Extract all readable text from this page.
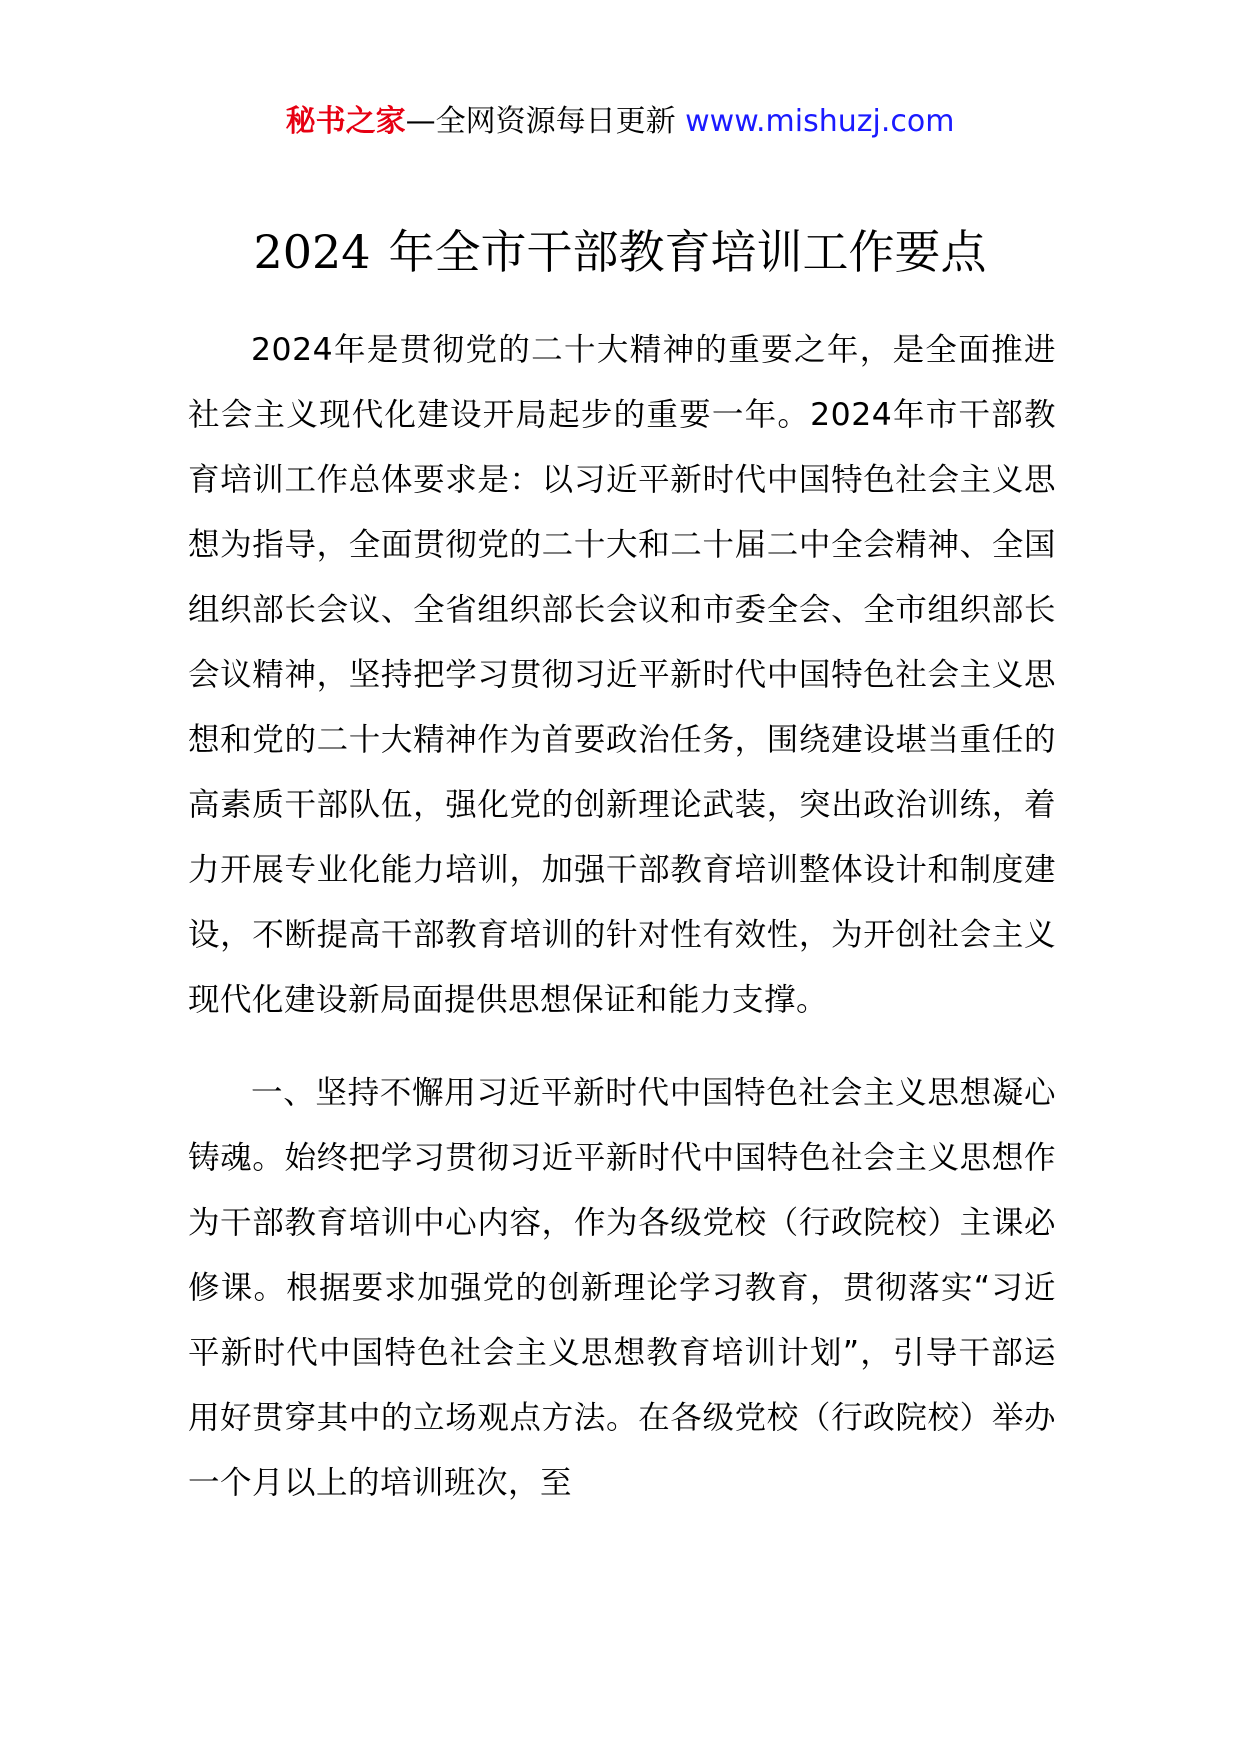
秘书之家—全网资源每日更新 www.mishuzj.com
2024 年全市干部教育培训工作要点

2024年是贯彻党的二十大精神的重要之年，是全面推进社会主义现代化建设开局起步的重要一年。2024年市干部教育培训工作总体要求是：以习近平新时代中国特色社会主义思想为指导，全面贯彻党的二十大和二十届二中全会精神、全国组织部长会议、全省组织部长会议和市委全会、全市组织部长会议精神，坚持把学习贯彻习近平新时代中国特色社会主义思想和党的二十大精神作为首要政治任务，围绕建设堪当重任的高素质干部队伍，强化党的创新理论武装，突出政治训练，着力开展专业化能力培训，加强干部教育培训整体设计和制度建设，不断提高干部教育培训的针对性有效性，为开创社会主义现代化建设新局面提供思想保证和能力支撑。

一、坚持不懈用习近平新时代中国特色社会主义思想凝心铸魂。始终把学习贯彻习近平新时代中国特色社会主义思想作为干部教育培训中心内容，作为各级党校（行政院校）主课必修课。根据要求加强党的创新理论学习教育，贯彻落实“习近平新时代中国特色社会主义思想教育培训计划”，引导干部运用好贯穿其中的立场观点方法。在各级党校（行政院校）举办一个月以上的培训班次，至
